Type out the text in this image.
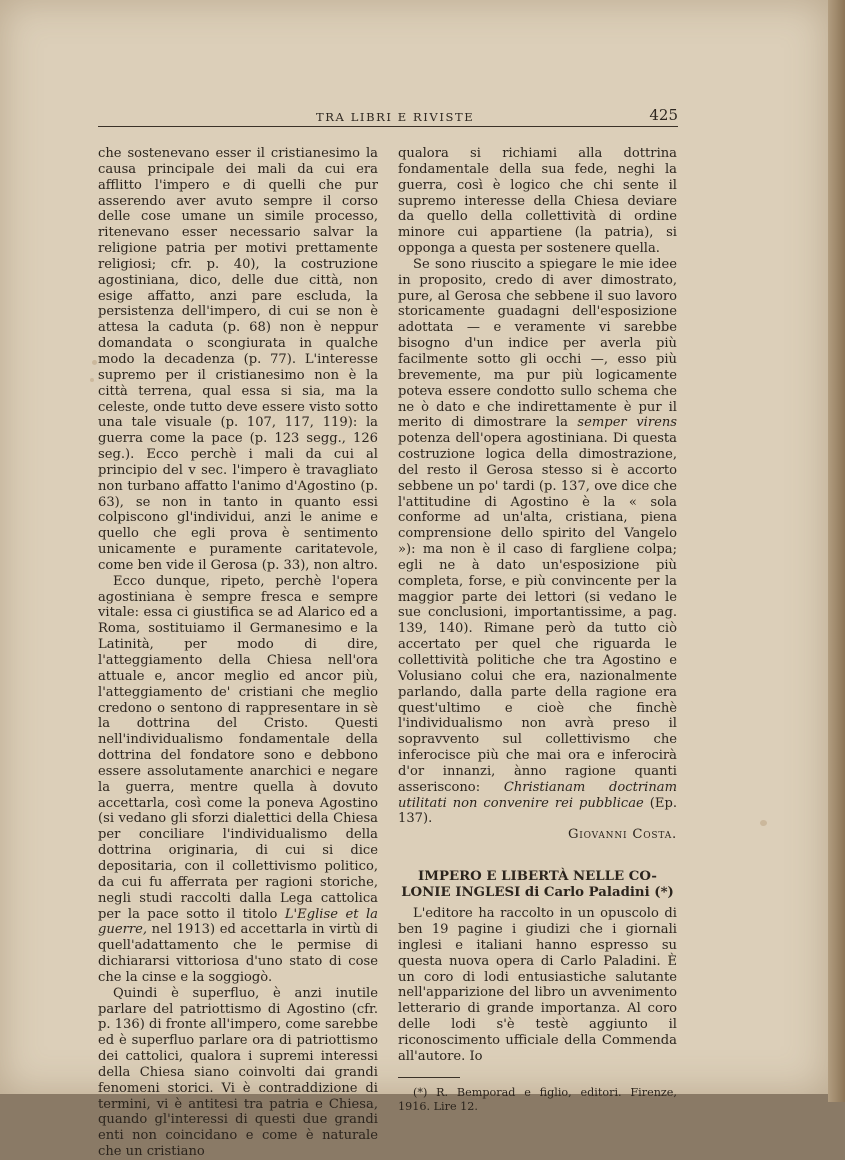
TRA LIBRI E RIVISTE	425

che sostenevano esser il cristianesimo la causa principale dei mali da cui era afflitto l'impero e di quelli che pur asserendo aver avuto sempre il corso delle cose umane un simile processo, ritenevano esser necessario salvar la religione patria per motivi prettamente religiosi; cfr. p. 40), la costruzione agostiniana, dico, delle due città, non esige affatto, anzi pare escluda, la persistenza dell'impero, di cui se non è attesa la caduta (p. 68) non è neppur domandata o scongiurata in qualche modo la decadenza (p. 77). L'interesse supremo per il cristianesimo non è la città terrena, qual essa si sia, ma la celeste, onde tutto deve essere visto sotto una tale visuale (p. 107, 117, 119): la guerra come la pace (p. 123 segg., 126 seg.). Ecco perchè i mali da cui al principio del v sec. l'impero è travagliato non turbano affatto l'animo d'Agostino (p. 63), se non in tanto in quanto essi colpiscono gl'individui, anzi le anime e quello che egli prova è sentimento unicamente e puramente caritatevole, come ben vide il Gerosa (p. 33), non altro.

Ecco dunque, ripeto, perchè l'opera agostiniana è sempre fresca e sempre vitale: essa ci giustifica se ad Alarico ed a Roma, sostituiamo il Germanesimo e la Latinità, per modo di dire, l'atteggiamento della Chiesa nell'ora attuale e, ancor meglio ed ancor più, l'atteggiamento de' cristiani che meglio credono o sentono di rappresentare in sè la dottrina del Cristo. Questi nell'individualismo fondamentale della dottrina del fondatore sono e debbono essere assolutamente anarchici e negare la guerra, mentre quella à dovuto accettarla, così come la poneva Agostino (si vedano gli sforzi dialettici della Chiesa per conciliare l'individualismo della dottrina originaria, di cui si dice depositaria, con il collettivismo politico, da cui fu afferrata per ragioni storiche, negli studi raccolti dalla Lega cattolica per la pace sotto il titolo L'Eglise et la guerre, nel 1913) ed accettarla in virtù di quell'adattamento che le permise di dichiararsi vittoriosa d'uno stato di cose che la cinse e la soggiogò.

Quindi è superfluo, è anzi inutile parlare del patriottismo di Agostino (cfr. p. 136) di fronte all'impero, come sarebbe ed è superfluo parlare ora di patriottismo dei cattolici, qualora i supremi interessi della Chiesa siano coinvolti dai grandi fenomeni storici. Vi è contraddizione di termini, vi è antitesi tra patria e Chiesa, quando gl'interessi di questi due grandi enti non coincidano e come è naturale che un cristiano

qualora si richiami alla dottrina fondamentale della sua fede, neghi la guerra, così è logico che chi sente il supremo interesse della Chiesa deviare da quello della collettività di ordine minore cui appartiene (la patria), si opponga a questa per sostenere quella.

Se sono riuscito a spiegare le mie idee in proposito, credo di aver dimostrato, pure, al Gerosa che sebbene il suo lavoro storicamente guadagni dell'esposizione adottata — e veramente vi sarebbe bisogno d'un indice per averla più facilmente sotto gli occhi —, esso più brevemente, ma pur più logicamente poteva essere condotto sullo schema che ne ò dato e che indirettamente è pur il merito di dimostrare la semper virens potenza dell'opera agostiniana. Di questa costruzione logica della dimostrazione, del resto il Gerosa stesso si è accorto sebbene un po' tardi (p. 137, ove dice che l'attitudine di Agostino è la « sola conforme ad un'alta, cristiana, piena comprensione dello spirito del Vangelo »): ma non è il caso di fargliene colpa; egli ne à dato un'esposizione più completa, forse, e più convincente per la maggior parte dei lettori (si vedano le sue conclusioni, importantissime, a pag. 139, 140). Rimane però da tutto ciò accertato per quel che riguarda le collettività politiche che tra Agostino e Volusiano colui che era, nazionalmente parlando, dalla parte della ragione era quest'ultimo e cioè che finchè l'individualismo non avrà preso il sopravvento sul collettivismo che inferocisce più che mai ora e inferocirà d'or innanzi, ànno ragione quanti asseriscono: Christianam doctrinam utilitati non convenire rei pubblicae (Ep. 137).

Giovanni Costa.

IMPERO E LIBERTÀ NELLE CO-
LONIE INGLESI di Carlo Paladini (*)

L'editore ha raccolto in un opuscolo di ben 19 pagine i giudizi che i giornali inglesi e italiani hanno espresso su questa nuova opera di Carlo Paladini. È un coro di lodi entusiastiche salutante nell'apparizione del libro un avvenimento letterario di grande importanza. Al coro delle lodi s'è testè aggiunto il riconoscimento ufficiale della Commenda all'autore. Io

(*) R. Bemporad e figlio, editori. Firenze, 1916. Lire 12.
